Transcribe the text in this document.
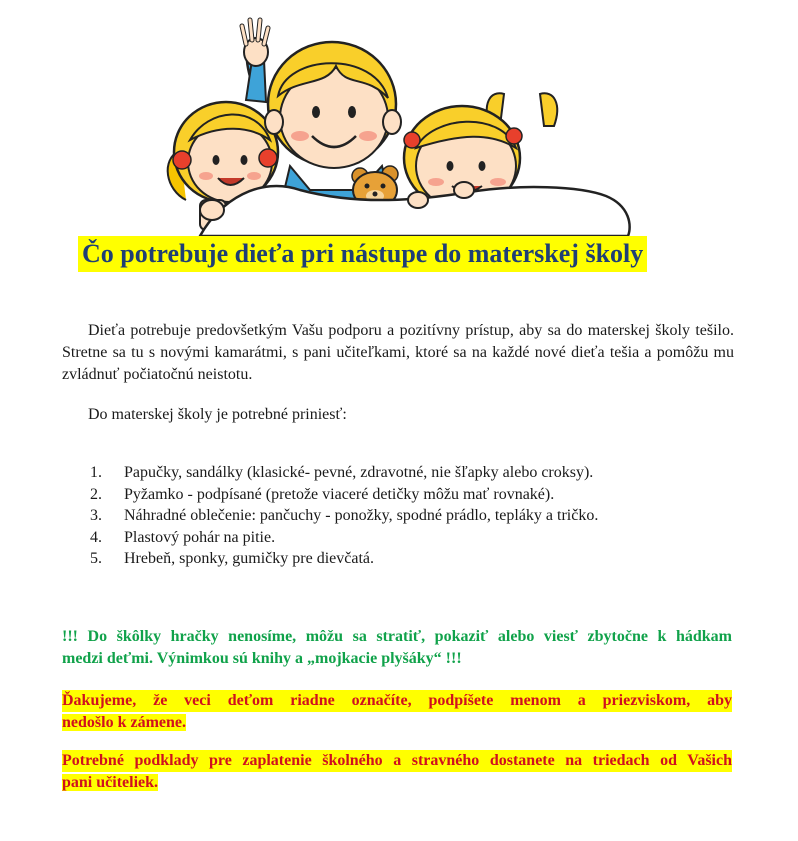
Čo potrebuje dieťa pri nástupe do materskej školy

Dieťa potrebuje predovšetkým Vašu podporu a pozitívny prístup, aby sa do materskej školy tešilo. Stretne sa tu s novými kamarátmi, s pani učiteľkami, ktoré sa na každé nové dieťa tešia a pomôžu mu zvládnuť počiatočnú neistotu.

Do materskej školy je potrebné priniesť:

1.	Papučky, sandálky (klasické- pevné, zdravotné, nie šľapky alebo croksy).
2.	Pyžamko - podpísané (pretože viaceré detičky môžu mať rovnaké).
3.	Náhradné oblečenie: pančuchy - ponožky, spodné prádlo, tepláky a tričko.
4.	Plastový pohár na pitie.
5.	Hrebeň, sponky, gumičky pre dievčatá.

!!! Do škôlky hračky nenosíme, môžu sa stratiť, pokaziť alebo viesť zbytočne k hádkam
medzi deťmi. Výnimkou sú knihy a „mojkacie plyšáky“ !!!

Ďakujeme, že veci deťom riadne označíte, podpíšete menom a priezviskom, aby
nedošlo k zámene.

Potrebné podklady pre zaplatenie školného a stravného dostanete na triedach od Vašich
pani učiteliek.
